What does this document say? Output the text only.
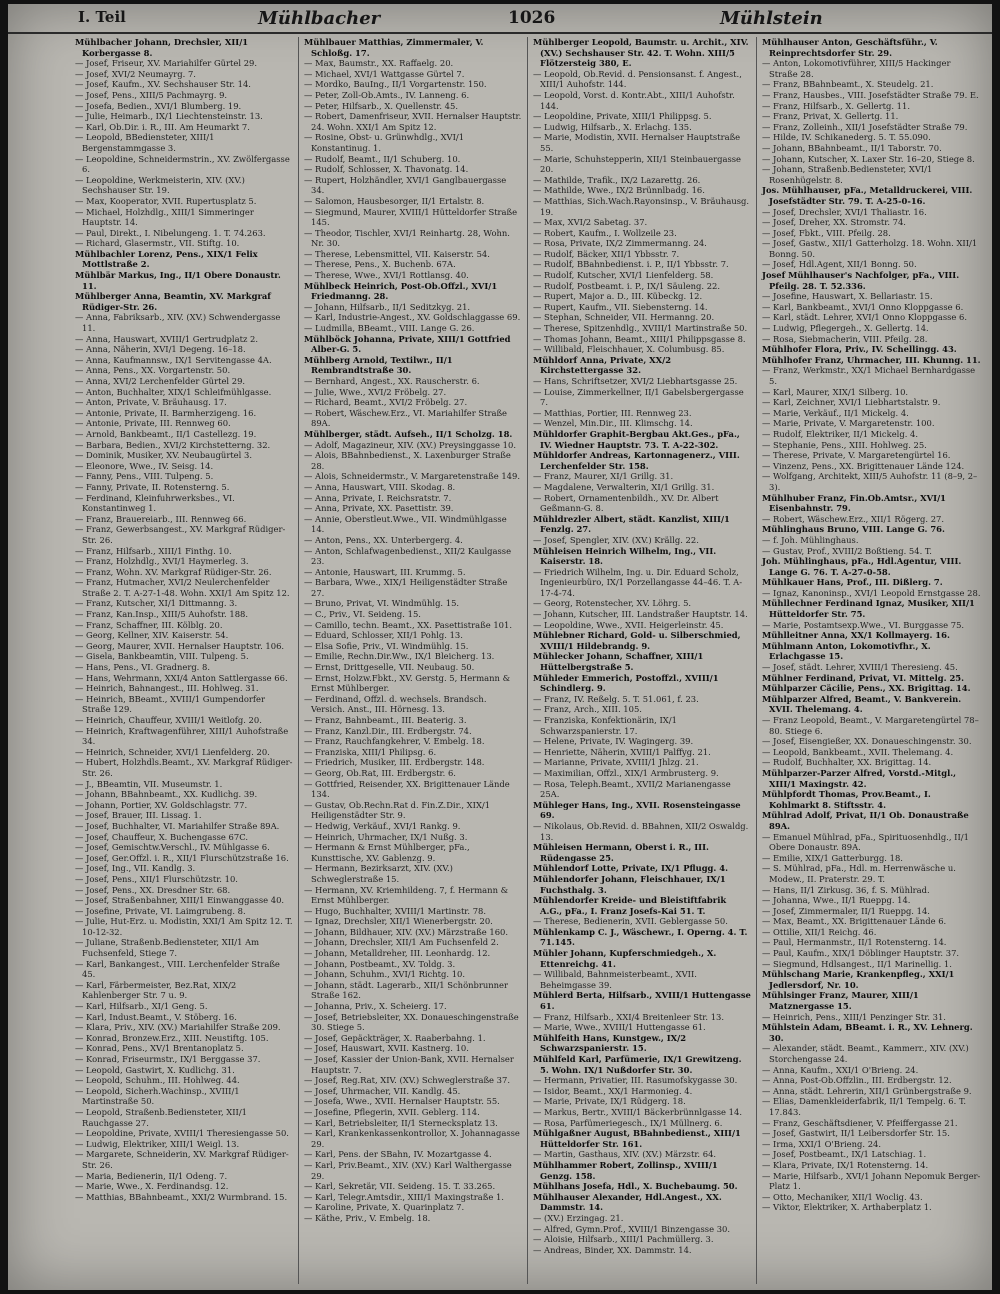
I. Teil	Mühlbacher	1026	Mühlstein

Mühlbacher Johann, Drechsler, XII/1 Korbergasse 8.

— Josef, Friseur, XV. Mariahilfer Gürtel 29.

— Josef, XVI/2 Neumayrg. 7.

— Josef, Kaufm., XV. Sechshauser Str. 14.

— Josef, Pens., XIII/5 Pachmayrg. 9.

— Josefa, Bedien., XVI/1 Blumberg. 19.

— Julie, Heimarb., IX/1 Liechtensteinstr. 13.

— Karl, Ob.Dir. i. R., III. Am Heumarkt 7.

— Leopold, BBediensteter, XIII/1 Bergenstammgasse 3.

— Leopoldine, Schneidermstrin., XV. Zwölfergasse 6.

— Leopoldine, Werkmeisterin, XIV. (XV.) Sechshauser Str. 19.

— Max, Kooperator, XVII. Rupertusplatz 5.

— Michael, Holzhdlg., XIII/1 Simmeringer Hauptstr. 14.

— Paul, Direkt., I. Nibelungeng. 1. T. 74.263.

— Richard, Glasermstr., VII. Stiftg. 10.

Mühlbachler Lorenz, Pens., XIX/1 Felix Mottlstraße 2.

Mühlbär Markus, Ing., II/1 Obere Donaustr. 11.

Mühlberger Anna, Beamtin, XV. Markgraf Rüdiger-Str. 26.

— Anna, Fabriksarb., XIV. (XV.) Schwendergasse 11.

— Anna, Hauswart, XVIII/1 Gertrudplatz 2.

— Anna, Näherin, XVI/1 Degeng. 16–18.

— Anna, Kaufmannsw., IX/1 Servitengasse 4A.

— Anna, Pens., XX. Vorgartenstr. 50.

— Anna, XVI/2 Lerchenfelder Gürtel 29.

— Anton, Buchhalter, XIX/1 Schleifmühlgasse.

— Anton, Private, V. Bräuhausg. 17.

— Antonie, Private, II. Barmherzigeng. 16.

— Antonie, Private, III. Rennweg 60.

— Arnold, Bankbeamt., II/1 Castellezg. 19.

— Barbara, Bedien., XVI/2 Kirchstetterng. 32.

— Dominik, Musiker, XV. Neubaugürtel 3.

— Eleonore, Wwe., IV. Seisg. 14.

— Fanny, Pens., VIII. Tulpeng. 5.

— Fanny, Private, II. Rotensterng. 5.

— Ferdinand, Kleinfuhrwerksbes., VI. Konstantinweg 1.

— Franz, Brauereiarb., III. Rennweg 66.

— Franz, Gewerbsangest., XV. Markgraf Rüdiger-Str. 26.

— Franz, Hilfsarb., XIII/1 Finthg. 10.

— Franz, Holzhdlg., XVI/1 Haymerleg. 3.

— Franz, Wohn. XV. Markgraf Rüdiger-Str. 26.

— Franz, Hutmacher, XVI/2 Neulerchenfelder Straße 2. T. A-27-1-48. Wohn. XXI/1 Am Spitz 12.

— Franz, Kutscher, XI/1 Dittmanng. 3.

— Franz, Kan.Insp., XIII/5 Auhofstr. 188.

— Franz, Schaffner, III. Kölblg. 20.

— Georg, Kellner, XIV. Kaiserstr. 54.

— Georg, Maurer, XVII. Hernalser Hauptstr. 106.

— Gisela, Bankbeamtin, VIII. Tulpeng. 5.

— Hans, Pens., VI. Gradnerg. 8.

— Hans, Wehrmann, XXI/4 Anton Sattlergasse 66.

— Heinrich, Bahnangest., III. Hohlweg. 31.

— Heinrich, BBeamt., XVIII/1 Gumpendorfer Straße 129.

— Heinrich, Chauffeur, XVIII/1 Weitlofg. 20.

— Heinrich, Kraftwagenführer, XIII/1 Auhofstraße 34.

— Heinrich, Schneider, XVI/1 Lienfelderg. 20.

— Hubert, Holzhdls.Beamt., XV. Markgraf Rüdiger-Str. 26.

— J., BBeamtin, VII. Museumstr. 1.

— Johann, BBahnbeamt., XX. Kudlichg. 39.

— Johann, Portier, XV. Goldschlagstr. 77.

— Josef, Brauer, III. Lissag. 1.

— Josef, Buchhalter, VI. Mariahilfer Straße 89A.

— Josef, Chauffeur, X. Buchengasse 67C.

— Josef, Gemischtw.Verschl., IV. Mühlgasse 6.

— Josef, Ger.Offzl. i. R., XII/1 Flurschützstraße 16.

— Josef, Ing., VII. Kandlg. 3.

— Josef, Pens., XII/1 Flurschützstr. 10.

— Josef, Pens., XX. Dresdner Str. 68.

— Josef, Straßenbahner, XIII/1 Einwanggasse 40.

— Josefine, Private, VI. Laimgrubeng. 8.

— Julie, Hut-Erz. u. Modistin, XXI/1 Am Spitz 12. T. 10-12-32.

— Juliane, Straßenb.Bediensteter, XII/1 Am Fuchsenfeld, Stiege 7.

— Karl, Bankangest., VIII. Lerchenfelder Straße 45.

— Karl, Färbermeister, Bez.Rat, XIX/2 Kahlenberger Str. 7 u. 9.

— Karl, Hilfsarb., XI/1 Geng. 5.

— Karl, Indust.Beamt., V. Stöberg. 16.

— Klara, Priv., XIV. (XV.) Mariahilfer Straße 209.

— Konrad, Bronzew.Erz., XIII. Neustiftg. 105.

— Konrad, Pens., XV/1 Brentanoplatz 5.

— Konrad, Friseurmstr., IX/1 Berggasse 37.

— Leopold, Gastwirt, X. Kudlichg. 31.

— Leopold, Schuhm., III. Hohlweg. 44.

— Leopold, Sicherh.Wachinsp., XVIII/1 Martinstraße 50.

— Leopold, Straßenb.Bediensteter, XII/1 Rauchgasse 27.

— Leopoldine, Private, XVIII/1 Theresiengasse 50.

— Ludwig, Elektriker, XIII/1 Weigl. 13.

— Margarete, Schneiderin, XV. Markgraf Rüdiger-Str. 26.

— Maria, Bedienerin, II/1 Odeng. 7.

— Marie, Wwe., X. Ferdinandsg. 12.

— Matthias, BBahnbeamt., XXI/2 Wurmbrand. 15.

Mühlbauer Matthias, Zimmermaler, V. Schloßg. 17.

— Max, Baumstr., XX. Raffaelg. 20.

— Michael, XVI/1 Wattgasse Gürtel 7.

— Mordko, BauIng., II/1 Vorgartenstr. 150.

— Peter, Zoll-Ob.Amts., IV. Lanneng. 6.

— Peter, Hilfsarb., X. Quellenstr. 45.

— Robert, Damenfriseur, XVII. Hernalser Hauptstr. 24. Wohn. XXI/1 Am Spitz 12.

— Rosine, Obst- u. Grünwhdlg., XVI/1 Konstantinug. 1.

— Rudolf, Beamt., II/1 Schuberg. 10.

— Rudolf, Schlosser, X. Thavonatg. 14.

— Rupert, Holzhändler, XVI/1 Ganglbauergasse 34.

— Salomon, Hausbesorger, II/1 Ertalstr. 8.

— Siegmund, Maurer, XVIII/1 Hütteldorfer Straße 145.

— Theodor, Tischler, XVI/1 Reinhartg. 28, Wohn. Nr. 30.

— Therese, Lebensmittel, VII. Kaiserstr. 54.

— Therese, Pens., X. Buchenb. 67A.

— Therese, Wwe., XVI/1 Rottlansg. 40.

Mühlbeck Heinrich, Post-Ob.Offzl., XVI/1 Friedmanng. 28.

— Johann, Hilfsarb., II/1 Seditzkyg. 21.

— Karl, Industrie-Angest., XV. Goldschlaggasse 69.

— Ludmilla, BBeamt., VIII. Lange G. 26.

Mühlböck Johanna, Private, XIII/1 Gottfried Alber-G. 5.

Mühlberg Arnold, Textilwr., II/1 Rembrandtstraße 30.

— Bernhard, Angest., XX. Rauscherstr. 6.

— Julie, Wwe., XVI/2 Fröbelg. 27.

— Richard, Beamt., XVI/2 Fröbelg. 27.

— Robert, Wäschew.Erz., VI. Mariahilfer Straße 89A.

Mühlberger, städt. Aufseh., II/1 Scholzg. 18.

— Adolf, Magazineur, XIV. (XV.) Preysinggasse 10.

— Alois, BBahnbedienst., X. Laxenburger Straße 28.

— Alois, Schneidermstr., V. Margaretenstraße 149.

— Anna, Hauswart, VIII. Skodag. 8.

— Anna, Private, I. Reichsratstr. 7.

— Anna, Private, XX. Pasettistr. 39.

— Annie, Oberstleut.Wwe., VII. Windmühlgasse 14.

— Anton, Pens., XX. Unterbergerg. 4.

— Anton, Schlafwagenbedienst., XII/2 Kaulgasse 23.

— Antonie, Hauswart, III. Krummg. 5.

— Barbara, Wwe., XIX/1 Heiligenstädter Straße 27.

— Bruno, Privat, VI. Windmühlg. 15.

— C., Priv., VI. Seideng. 15.

— Camillo, techn. Beamt., XX. Pasettistraße 101.

— Eduard, Schlosser, XII/1 Pohlg. 13.

— Elsa Sofie, Priv., VI. Windmühlg. 15.

— Emilie, Rechn.Dir.Ww., IX/1 Bleicherg. 13.

— Ernst, Drittgeselle, VII. Neubaug. 50.

— Ernst, Holzw.Fbkt., XV. Gerstg. 5, Hermann & Ernst Mühlberger.

— Ferdinand, Offzl. d. wechsels. Brandsch. Versich. Anst., III. Hörnesg. 13.

— Franz, Bahnbeamt., III. Beaterig. 3.

— Franz, Kanzl.Dir., III. Erdbergstr. 74.

— Franz, Rauchfangkehrer, V. Embelg. 18.

— Franziska, XIII/1 Philipsg. 6.

— Friedrich, Musiker, III. Erdbergstr. 148.

— Georg, Ob.Rat, III. Erdbergstr. 6.

— Gottfried, Reisender, XX. Brigittenauer Lände 134.

— Gustav, Ob.Rechn.Rat d. Fin.Z.Dir., XIX/1 Heiligenstädter Str. 9.

— Hedwig, Verkäuf., XVI/1 Rankg. 9.

— Heinrich, Uhrmacher, IX/1 Nußg. 3.

— Hermann & Ernst Mühlberger, pFa., Kunsttische, XV. Gablenzg. 9.

— Hermann, Bezirksarzt, XIV. (XV.) Schweglerstraße 15.

— Hermann, XV. Kriemhildeng. 7, f. Hermann & Ernst Mühlberger.

— Hugo, Buchhalter, XVIII/1 Martinstr. 78.

— Ignaz, Drechsler, XII/1 Wienerbergstr. 20.

— Johann, Bildhauer, XIV. (XV.) Märzstraße 160.

— Johann, Drechsler, XII/1 Am Fuchsenfeld 2.

— Johann, Metalldreher, III. Leonhardg. 12.

— Johann, Postbeamt., XV. Toldg. 3.

— Johann, Schuhm., XVI/1 Richtg. 10.

— Johann, städt. Lagerarb., XII/1 Schönbrunner Straße 162.

— Johanna, Priv., X. Scheierg. 17.

— Josef, Betriebsleiter, XX. Donaueschingenstraße 30. Stiege 5.

— Josef, Gepäckträger, X. Raaberbahng. 1.

— Josef, Hauswart, XVII. Kastnerg. 10.

— Josef, Kassier der Union-Bank, XVII. Hernalser Hauptstr. 7.

— Josef, Reg.Rat, XIV. (XV.) Schweglerstraße 37.

— Josef, Uhrmacher, VII. Kandlg. 45.

— Josefa, Wwe., XVII. Hernalser Hauptstr. 55.

— Josefine, Pflegerin, XVII. Geblerg. 114.

— Karl, Betriebsleiter, II/1 Sternecksplatz 13.

— Karl, Krankenkassenkontrollor, X. Johannagasse 29.

— Karl, Pens. der SBahn, IV. Mozartgasse 4.

— Karl, Priv.Beamt., XIV. (XV.) Karl Walthergasse 29.

— Karl, Sekretär, VII. Seideng. 15. T. 33.265.

— Karl, Telegr.Amtsdir., XIII/1 Maxingstraße 1.

— Karoline, Private, X. Quarinplatz 7.

— Käthe, Priv., V. Embelg. 18.

Mühlberger Leopold, Baumstr. u. Archit., XIV. (XV.) Sechshauser Str. 42. T. Wohn. XIII/5 Flötzersteig 380, E.

— Leopold, Ob.Revid. d. Pensionsanst. f. Angest., XIII/1 Auhofstr. 144.

— Leopold, Vorst. d. Kontr.Abt., XIII/1 Auhofstr. 144.

— Leopoldine, Private, XIII/1 Philippsg. 5.

— Ludwig, Hilfsarb., X. Erlachg. 135.

— Marie, Modistin, XVII. Hernalser Hauptstraße 55.

— Marie, Schuhstepperin, XII/1 Steinbauergasse 20.

— Mathilde, Trafik., IX/2 Lazarettg. 26.

— Mathilde, Wwe., IX/2 Brünnlbadg. 16.

— Matthias, Sich.Wach.Rayonsinsp., V. Bräuhausg. 19.

— Max, XVI/2 Sabetag. 37.

— Robert, Kaufm., I. Wollzeile 23.

— Rosa, Private, IX/2 Zimmermanng. 24.

— Rudolf, Bäcker, XII/1 Ybbsstr. 7.

— Rudolf, BBahnbedienst. i. P., II/1 Ybbsstr. 7.

— Rudolf, Kutscher, XVI/1 Lienfelderg. 58.

— Rudolf, Postbeamt. i. P., IX/1 Säuleng. 22.

— Rupert, Major a. D., III. Kübeckg. 12.

— Rupert, Kaufm., VII. Siebensterng. 14.

— Stephan, Schneider, VII. Hermanng. 20.

— Therese, Spitzenhdlg., XVIII/1 Martinstraße 50.

— Thomas Johann, Beamt., XIII/1 Philippsgasse 8.

— Willibald, Fleischhauer, X. Columbusg. 85.

Mühldorf Anna, Private, XX/2 Kirchstettergasse 32.

— Hans, Schriftsetzer, XVI/2 Liebhartsgasse 25.

— Louise, Zimmerkellner, II/1 Gabelsbergergasse 7.

— Matthias, Portier, III. Rennweg 23.

— Wenzel, Min.Dir., III. Klimschg. 14.

Mühldorfer Graphit-Bergbau Akt.Ges., pFa., IV. Wiedner Hauptstr. 73. T. A-22-302.

Mühldorfer Andreas, Kartonnagenerz., VIII. Lerchenfelder Str. 158.

— Franz, Maurer, XI/1 Grillg. 31.

— Magdalene, Verwalterin, XI/1 Grillg. 31.

— Robert, Ornamentenbildh., XV. Dr. Albert Geßmann-G. 8.

Mühldrezler Albert, städt. Kanzlist, XIII/1 Fenzlg. 27.

— Josef, Spengler, XIV. (XV.) Krällg. 22.

Mühleisen Heinrich Wilhelm, Ing., VII. Kaiserstr. 18.

— Friedrich Wilhelm, Ing. u. Dir. Eduard Scholz, Ingenieurbüro, IX/1 Porzellangasse 44–46. T. A-17-4-74.

— Georg, Rotenstecher, XV. Löhrg. 5.

— Johann, Kutscher, III. Landstraßer Hauptstr. 14.

— Leopoldine, Wwe., XVII. Heigerleinstr. 45.

Mühlebner Richard, Gold- u. Silberschmied, XVIII/1 Hildebrandg. 9.

Mühlecker Johann, Schaffner, XIII/1 Hüttelbergstraße 5.

Mühleder Emmerich, Postoffzl., XVIII/1 Schindlerg. 9.

— Franz, IV. Reßelg. 5. T. 51.061, f. 23.

— Franz, Arch., XIII. 105.

— Franziska, Konfektionärin, IX/1 Schwarzspanierstr. 17.

— Helene, Private, IV. Wagingerg. 39.

— Henriette, Näherin, XVIII/1 Palffyg. 21.

— Marianne, Private, XVIII/1 Jhlzg. 21.

— Maximilian, Offzl., XIX/1 Armbrusterg. 9.

— Rosa, Teleph.Beamt., XVII/2 Marianengasse 25A.

Mühleger Hans, Ing., XVII. Rosensteingasse 69.

— Nikolaus, Ob.Revid. d. BBahnen, XII/2 Oswaldg. 13.

Mühleisen Hermann, Oberst i. R., III. Rüdengasse 25.

Mühlendorf Lotte, Private, IX/1 Pflugg. 4.

Mühlendorfer Johann, Fleischhauer, IX/1 Fuchsthalg. 3.

Mühlendorfer Kreide- und Bleistiftfabrik A.G., pFa., I. Franz Josefs-Kai 51. T.

— Therese, Bedienerin, XVII. Geblergasse 50.

Mühlenkamp C. J., Wäschewr., I. Operng. 4. T. 71.145.

Mühler Johann, Kupferschmiedgeh., X. Ettenreichg. 41.

— Willibald, Bahnmeisterbeamt., XVII. Beheimgasse 39.

Mühlerd Berta, Hilfsarb., XVIII/1 Huttengasse 61.

— Franz, Hilfsarb., XXI/4 Breitenleer Str. 13.

— Marie, Wwe., XVIII/1 Huttengasse 61.

Mühlfeith Hans, Kunstgew., IX/2 Schwarzspanierstr. 15.

Mühlfeld Karl, Parfümerie, IX/1 Grewitzeng. 5. Wohn. IX/1 Nußdorfer Str. 30.

— Hermann, Privatier, III. Rasumofskygasse 30.

— Isidor, Beamt., XX/1 Harmonieg. 4.

— Marie, Private, IX/1 Rüdgerg. 18.

— Markus, Bertr., XVIII/1 Bäckerbrünnlgasse 14.

— Rosa, Parfümeriegesch., IX/1 Müllnerg. 6.

Mühlgaßner August, BBahnbedienst., XIII/1 Hütteldorfer Str. 161.

— Martin, Gasthaus, XIV. (XV.) Märzstr. 64.

Mühlhammer Robert, Zollinsp., XVIII/1 Genzg. 158.

Mühlhans Josefa, Hdl., X. Buchebaumg. 50.

Mühlhauser Alexander, Hdl.Angest., XX. Dammstr. 14.

— (XV.) Erzingag. 21.

— Alfred, Gymn.Prof., XVIII/1 Binzengasse 30.

— Aloisie, Hilfsarb., XIII/1 Pachmüllerg. 3.

— Andreas, Binder, XX. Dammstr. 14.

Mühlhauser Anton, Geschäftsführ., V. Reinprechtsdorfer Str. 29.

— Anton, Lokomotivführer, XIII/5 Hackinger Straße 28.

— Franz, BBahnbeamt., X. Steudelg. 21.

— Franz, Hausbes., VIII. Josefstädter Straße 79. E.

— Franz, Hilfsarb., X. Gellertg. 11.

— Franz, Privat, X. Gellertg. 11.

— Franz, Zolleinh., XII/1 Josefstädter Straße 79.

— Hilde, IV. Schikanederg. 5. T. 55.090.

— Johann, BBahnbeamt., II/1 Taborstr. 70.

— Johann, Kutscher, X. Laxer Str. 16–20, Stiege 8.

— Johann, Straßenb.Bediensteter, XVI/1 Rosenhügelstr. 8.

Jos. Mühlhauser, pFa., Metalldruckerei, VIII. Josefstädter Str. 79. T. A-25-0-16.

— Josef, Drechsler, XVI/1 Thaliastr. 16.

— Josef, Dreher, XX. Stromstr. 74.

— Josef, Fbkt., VIII. Pfeilg. 28.

— Josef, Gastw., XII/1 Gatterholzg. 18. Wohn. XII/1 Bonng. 50.

— Josef, Hdl.Agent, XII/1 Bonng. 50.

Josef Mühlhauser's Nachfolger, pFa., VIII. Pfeilg. 28. T. 52.336.

— Josefine, Hauswart, X. Bellariastr. 15.

— Karl, Bankbeamt., XVI/1 Onno Kloppgasse 6.

— Karl, städt. Lehrer, XVI/1 Onno Kloppgasse 6.

— Ludwig, Pflegergeh., X. Gellertg. 14.

— Rosa, Siebmacherin, VIII. Pfeilg. 28.

Mühlhofer Flora, Priv., IV. Schellingg. 43.

Mühlhofer Franz, Uhrmacher, III. Khunng. 11.

— Franz, Werkmstr., XX/1 Michael Bernhardgasse 5.

— Karl, Maurer, XIX/1 Silberg. 10.

— Karl, Zeichner, XVI/1 Liebhartstalstr. 9.

— Marie, Verkäuf., II/1 Mickelg. 4.

— Marie, Private, V. Margaretenstr. 100.

— Rudolf, Elektriker, II/1 Mickelg. 4.

— Stephanie, Pens., XIII. Hohlweg. 25.

— Therese, Private, V. Margaretengürtel 16.

— Vinzenz, Pens., XX. Brigittenauer Lände 124.

— Wolfgang, Architekt, XIII/5 Auhofstr. 11 (8–9, 2–3).

Mühlhuber Franz, Fin.Ob.Amtsr., XVI/1 Eisenbahnstr. 79.

— Robert, Wäschew.Erz., XII/1 Rögerg. 27.

Mühlinghaus Bruno, VIII. Lange G. 76.

— f. Joh. Mühlinghaus.

— Gustav, Prof., XVIII/2 Boßtieng. 54. T.

Joh. Mühlinghaus, pFa., Hdl.Agentur, VIII. Lange G. 76. T. A-27-0-58.

Mühlkauer Hans, Prof., III. Dißlerg. 7.

— Ignaz, Kanoninsp., XVI/1 Leopold Ernstgasse 28.

Mühllechner Ferdinand Ignaz, Musiker, XII/1 Hütteldorfer Str. 75.

— Marie, Postamtsexp.Wwe., VI. Burggasse 75.

Mühlleitner Anna, XX/1 Kollmayerg. 16.

Mühlmann Anton, Lokomotivfhr., X. Erlachgasse 15.

— Josef, städt. Lehrer, XVIII/1 Theresieng. 45.

Mühlner Ferdinand, Privat, VI. Mittelg. 25.

Mühlparzer Cäcilie, Pens., XX. Brigittag. 14.

Mühlparzer Alfred, Beamt., V. Bankverein. XVII. Thelemang. 4.

— Franz Leopold, Beamt., V. Margaretengürtel 78–80. Stiege 6.

— Josef, Eisengießer, XX. Donaueschingenstr. 30.

— Leopold, Bankbeamt., XVII. Thelemang. 4.

— Rudolf, Buchhalter, XX. Brigittag. 14.

Mühlparzer-Parzer Alfred, Vorstd.-Mitgl., XIII/1 Maxingstr. 42.

Mühlpfordt Thomas, Prov.Beamt., I. Kohlmarkt 8. Stiftsstr. 4.

Mühlrad Adolf, Privat, II/1 Ob. Donaustraße 89A.

— Emanuel Mühlrad, pFa., Spirituosenhdlg., II/1 Obere Donaustr. 89A.

— Emilie, XIX/1 Gatterburgg. 18.

— S. Mühlrad, pFa., Hdl. m. Herrenwäsche u. Modew., II. Praterstr. 29. T.

— Hans, II/1 Zirkusg. 36, f. S. Mühlrad.

— Johanna, Wwe., II/1 Rueppg. 14.

— Josef, Zimmermaler, II/1 Rueppg. 14.

— Max, Beamt., XX. Brigittenauer Lände 6.

— Ottilie, XII/1 Reichg. 46.

— Paul, Hermanmstr., II/1 Rotensterng. 14.

— Paul, Kaufm., XIX/1 Döblinger Hauptstr. 37.

— Siegmund, Hdlsangest., II/1 Marinellig. 1.

Mühlschang Marie, Krankenpfleg., XXI/1 Jedlersdorf, Nr. 10.

Mühlsinger Franz, Maurer, XIII/1 Matznergasse 15.

— Heinrich, Pens., XIII/1 Penzinger Str. 31.

Mühlstein Adam, BBeamt. i. R., XV. Lehnerg. 30.

— Alexander, städt. Beamt., Kammerr., XIV. (XV.) Storchengasse 24.

— Anna, Kaufm., XXI/1 O'Brieng. 24.

— Anna, Post-Ob.Offzlin., III. Erdbergstr. 12.

— Anna, städt. Lehrerin, XII/1 Grünbergstraße 9.

— Elias, Damenkleiderfabrik, II/1 Tempelg. 6. T. 17.843.

— Franz, Geschäftsdiener, V. Pfeiffergasse 21.

— Josef, Gastwirt, II/1 Leibersdorfer Str. 15.

— Irma, XXI/1 O'Brieng. 24.

— Josef, Postbeamt., IX/1 Latschiag. 1.

— Klara, Private, IX/1 Rotensterng. 14.

— Marie, Hilfsarb., XVI/1 Johann Nepomuk Berger-Platz 1.

— Otto, Mechaniker, XII/1 Woclig. 43.

— Viktor, Elektriker, X. Arthaberplatz 1.
